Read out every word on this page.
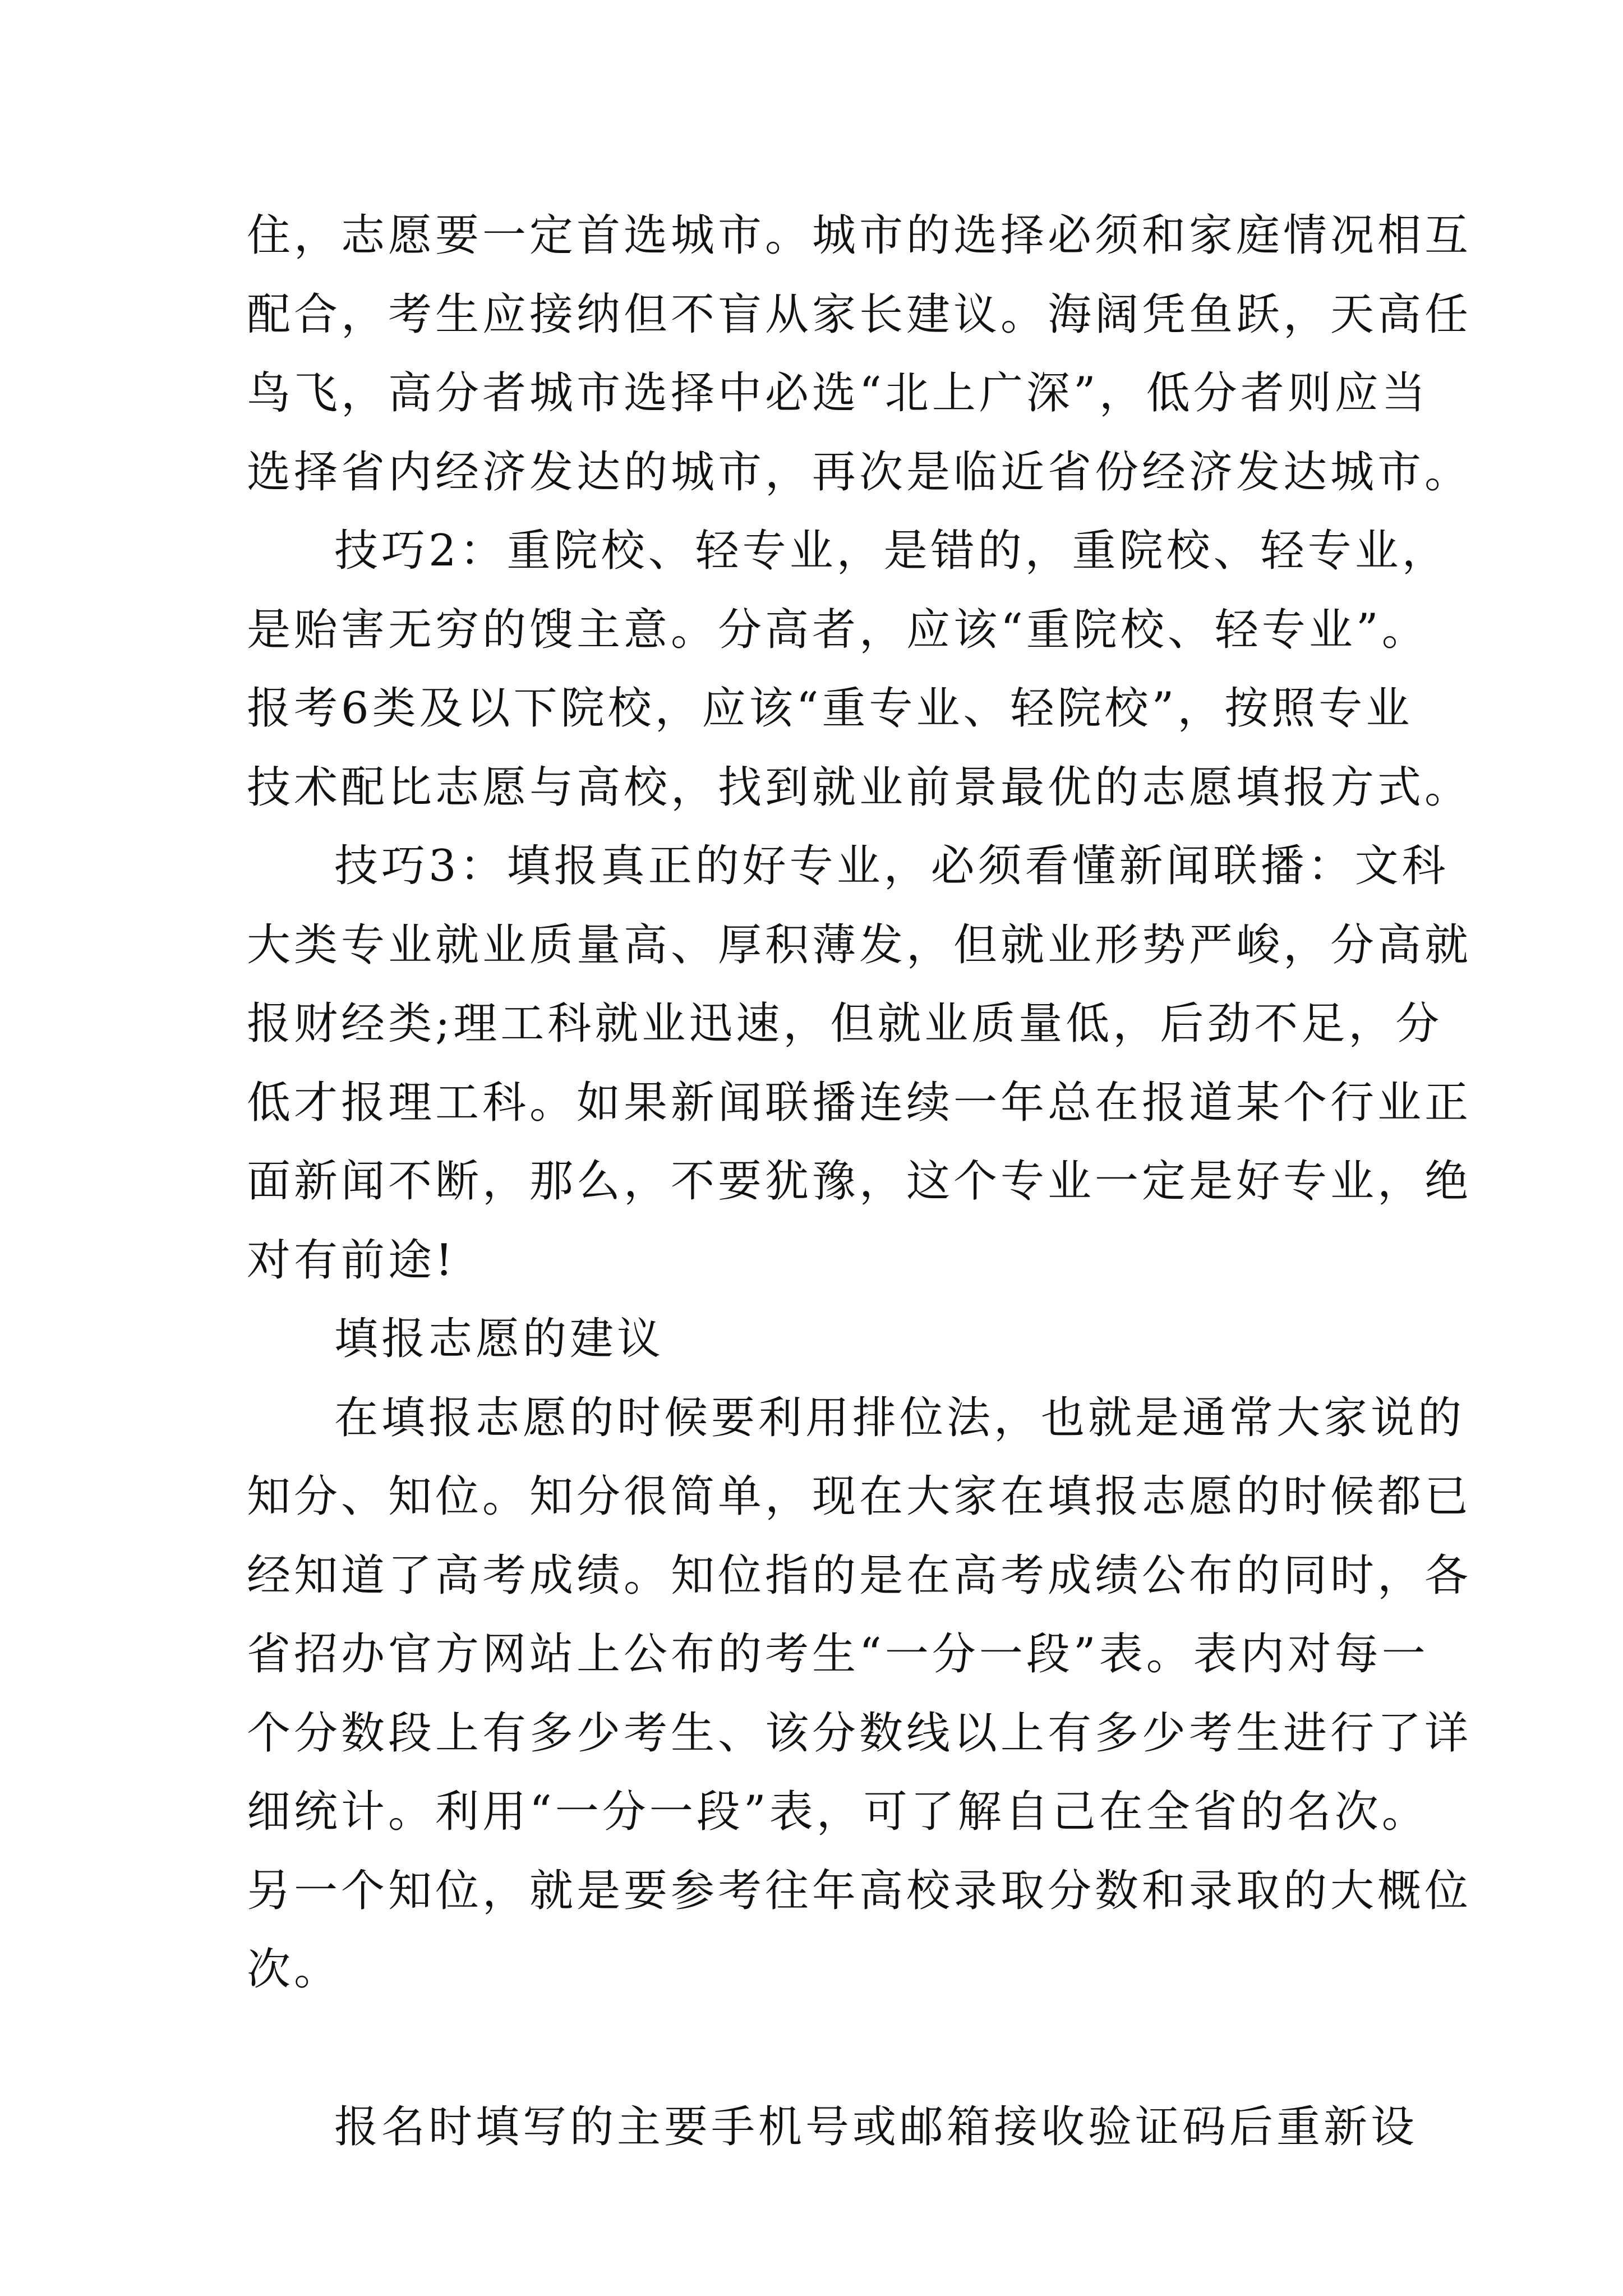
住，志愿要一定首选城市。城市的选择必须和家庭情况相互
配合，考生应接纳但不盲从家长建议。海阔凭鱼跃，天高任
鸟飞，高分者城市选择中必选“北上广深”，低分者则应当
选择省内经济发达的城市，再次是临近省份经济发达城市。
技巧2：重院校、轻专业，是错的，重院校、轻专业，
是贻害无穷的馊主意。分高者，应该“重院校、轻专业”。
报考6类及以下院校，应该“重专业、轻院校”，按照专业
技术配比志愿与高校，找到就业前景最优的志愿填报方式。
技巧3：填报真正的好专业，必须看懂新闻联播：文科
大类专业就业质量高、厚积薄发，但就业形势严峻，分高就
报财经类;理工科就业迅速，但就业质量低，后劲不足，分
低才报理工科。如果新闻联播连续一年总在报道某个行业正
面新闻不断，那么，不要犹豫，这个专业一定是好专业，绝
对有前途!
填报志愿的建议
在填报志愿的时候要利用排位法，也就是通常大家说的
知分、知位。知分很简单，现在大家在填报志愿的时候都已
经知道了高考成绩。知位指的是在高考成绩公布的同时，各
省招办官方网站上公布的考生“一分一段”表。表内对每一
个分数段上有多少考生、该分数线以上有多少考生进行了详
细统计。利用“一分一段”表，可了解自己在全省的名次。
另一个知位，就是要参考往年高校录取分数和录取的大概位
次。
报名时填写的主要手机号或邮箱接收验证码后重新设
